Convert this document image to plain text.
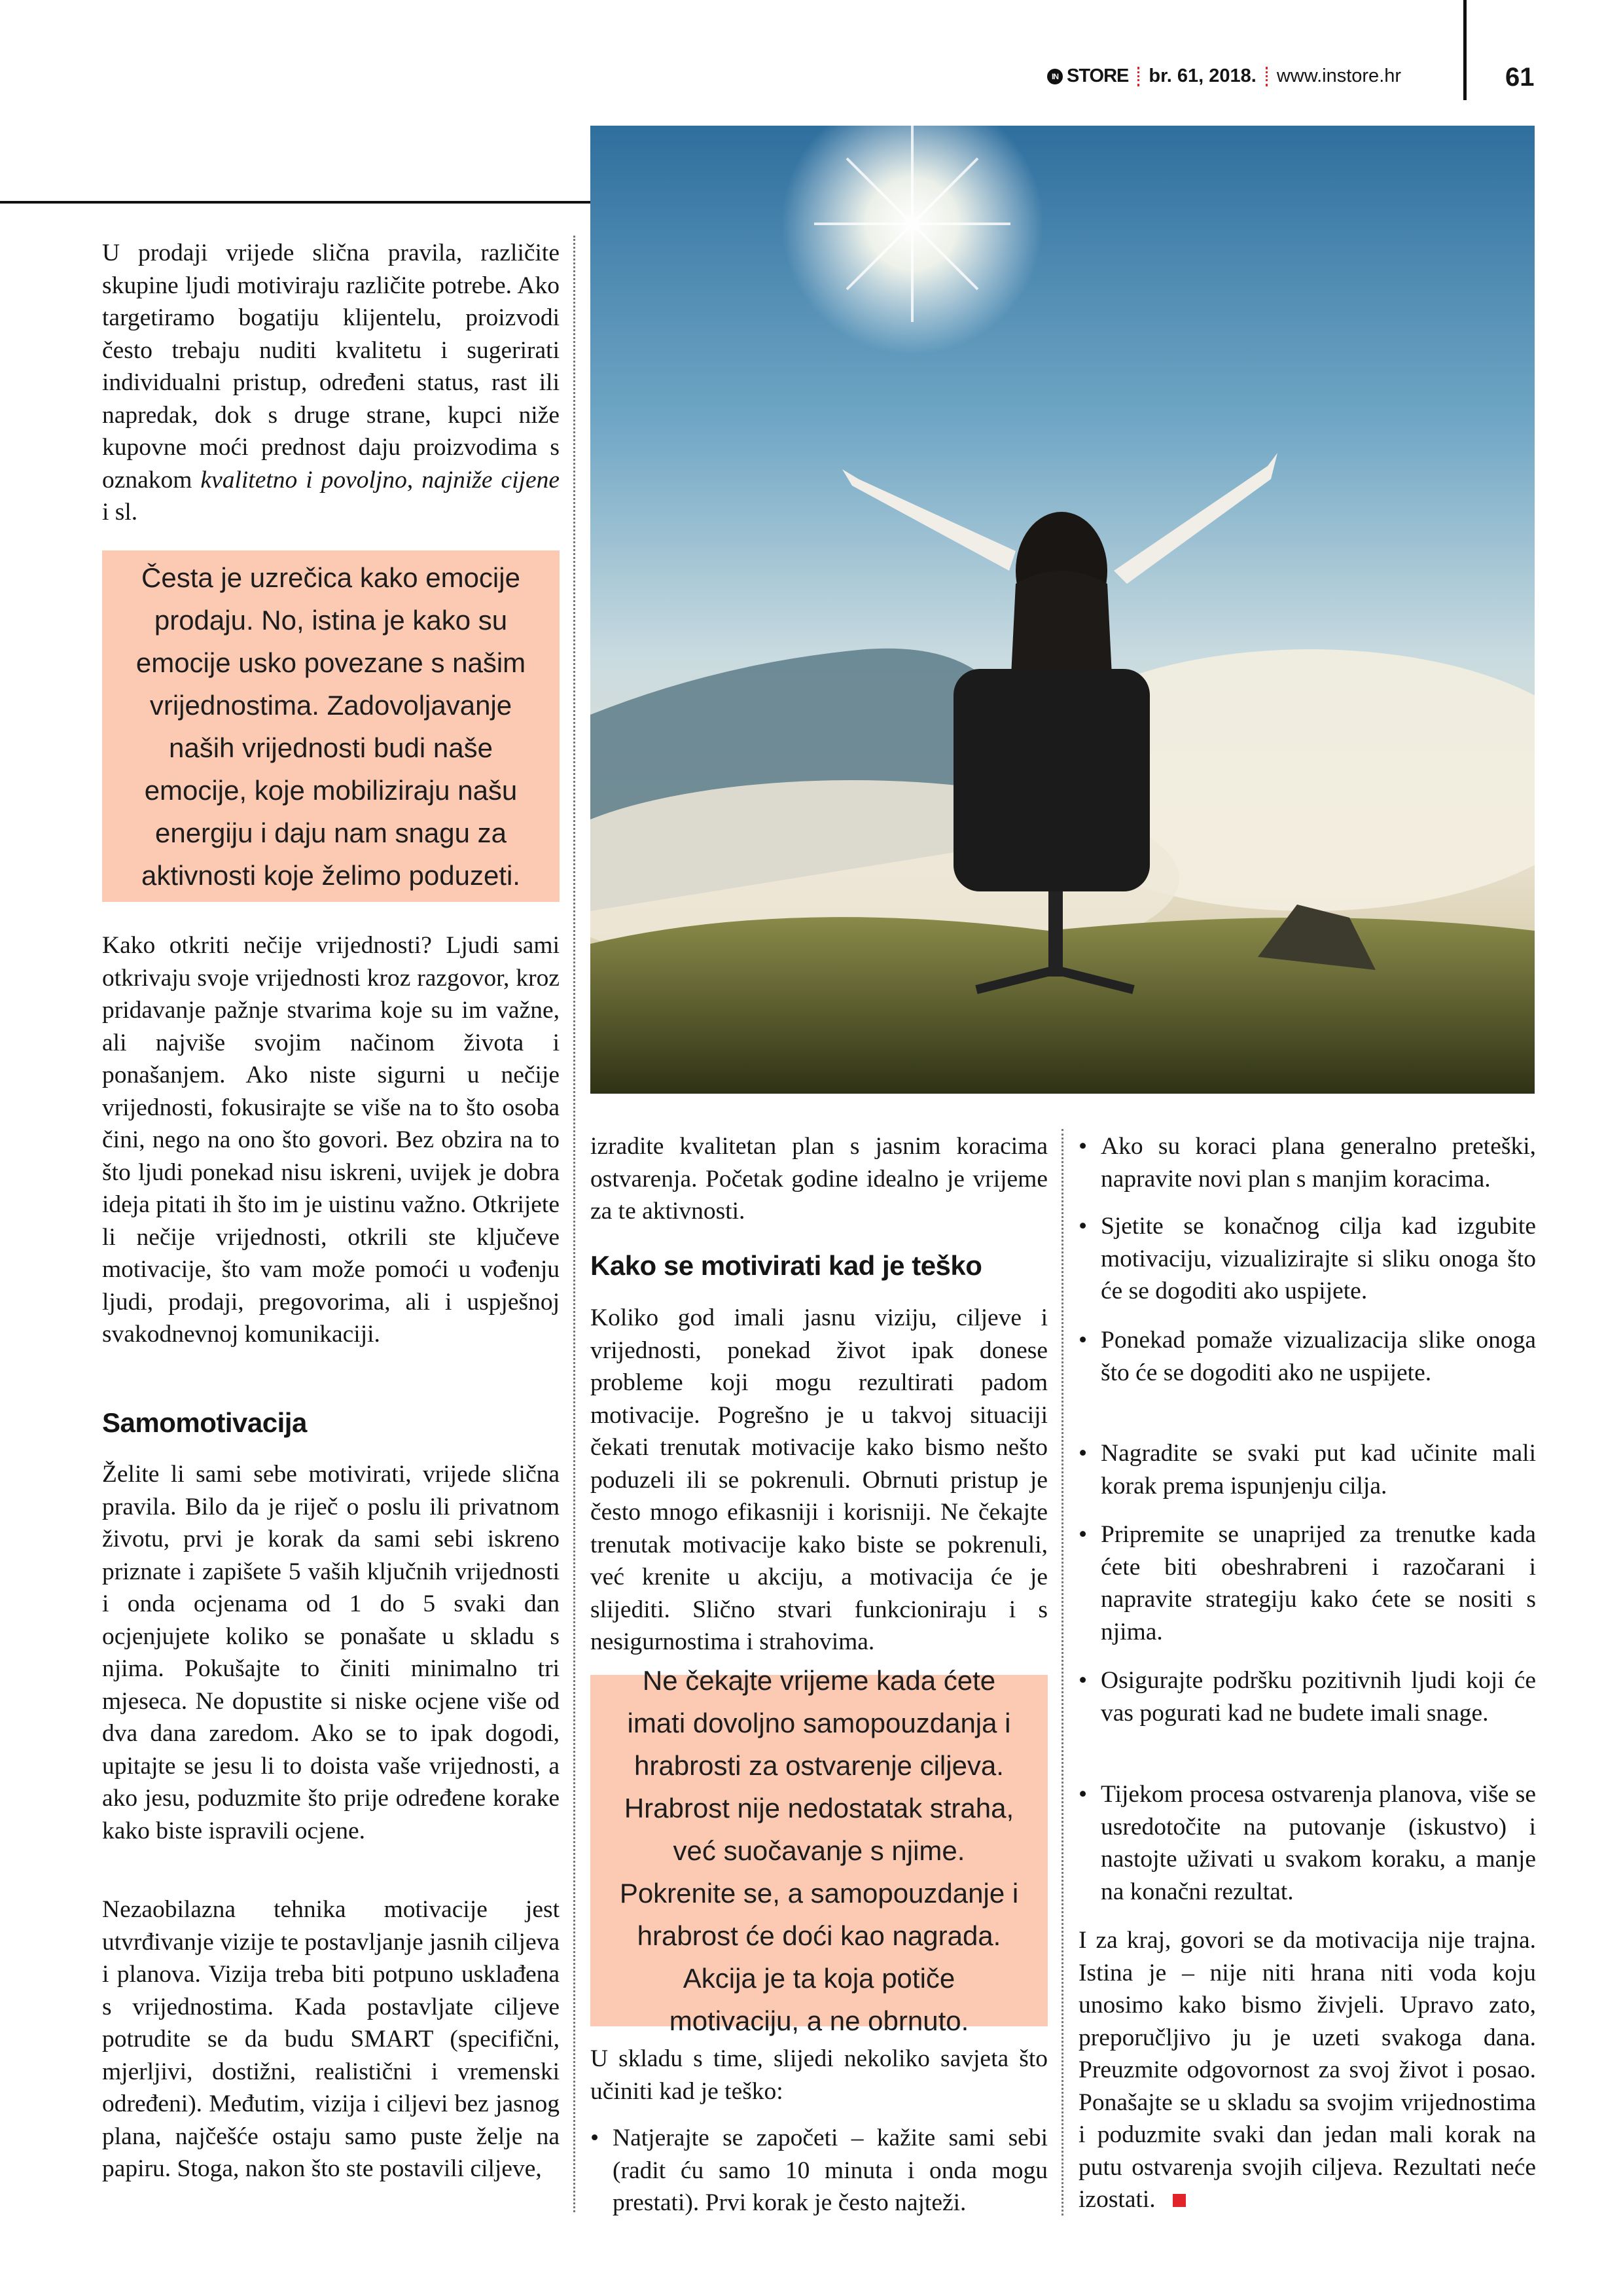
IN STORE br. 61, 2018. www.instore.hr	61

U prodaji vrijede slična pravila, različite skupine ljudi motiviraju različite potrebe. Ako targetiramo bogatiju klijentelu, proizvodi često trebaju nuditi kvalitetu i sugerirati individualni pristup, određeni status, rast ili napredak, dok s druge strane, kupci niže kupovne moći prednost daju proizvodima s oznakom kvalitetno i povoljno, najniže cijene i sl.

Česta je uzrečica kako emocije prodaju. No, istina je kako su emocije usko povezane s našim vrijednostima. Zadovoljavanje naših vrijednosti budi naše emocije, koje mobiliziraju našu energiju i daju nam snagu za aktivnosti koje želimo poduzeti.
Kako otkriti nečije vrijednosti? Ljudi sami otkrivaju svoje vrijednosti kroz razgovor, kroz pridavanje pažnje stvarima koje su im važne, ali najviše svojim načinom života i ponašanjem. Ako niste sigurni u nečije vrijednosti, fokusirajte se više na to što osoba čini, nego na ono što govori. Bez obzira na to što ljudi ponekad nisu iskreni, uvijek je dobra ideja pitati ih što im je uistinu važno. Otkrijete li nečije vrijednosti, otkrili ste ključeve motivacije, što vam može pomoći u vođenju ljudi, prodaji, pregovorima, ali i uspješnoj svakodnevnoj komunikaciji.
Samomotivacija
Želite li sami sebe motivirati, vrijede slična pravila. Bilo da je riječ o poslu ili privatnom životu, prvi je korak da sami sebi iskreno priznate i zapišete 5 vaših ključnih vrijednosti i onda ocjenama od 1 do 5 svaki dan ocjenjujete koliko se ponašate u skladu s njima. Pokušajte to činiti minimalno tri mjeseca. Ne dopustite si niske ocjene više od dva dana zaredom. Ako se to ipak dogodi, upitajte se jesu li to doista vaše vrijednosti, a ako jesu, poduzmite što prije određene korake kako biste ispravili ocjene.
Nezaobilazna tehnika motivacije jest utvrđivanje vizije te postavljanje jasnih ciljeva i planova. Vizija treba biti potpuno usklađena s vrijednostima. Kada postavljate ciljeve potrudite se da budu SMART (specifični, mjerljivi, dostižni, realistični i vremenski određeni). Međutim, vizija i ciljevi bez jasnog plana, najčešće ostaju samo puste želje na papiru. Stoga, nakon što ste postavili ciljeve,
izradite kvalitetan plan s jasnim koracima ostvarenja. Početak godine idealno je vrijeme za te aktivnosti.
Kako se motivirati kad je teško
Koliko god imali jasnu viziju, ciljeve i vrijednosti, ponekad život ipak donese probleme koji mogu rezultirati padom motivacije. Pogrešno je u takvoj situaciji čekati trenutak motivacije kako bismo nešto poduzeli ili se pokrenuli. Obrnuti pristup je često mnogo efikasniji i korisniji. Ne čekajte trenutak motivacije kako biste se pokrenuli, već krenite u akciju, a motivacija će je slijediti. Slično stvari funkcioniraju i s nesigurnostima i strahovima.
Ne čekajte vrijeme kada ćete imati dovoljno samopouzdanja i hrabrosti za ostvarenje ciljeva. Hrabrost nije nedostatak straha, već suočavanje s njime. Pokrenite se, a samopouzdanje i hrabrost će doći kao nagrada. Akcija je ta koja potiče motivaciju, a ne obrnuto.
U skladu s time, slijedi nekoliko savjeta što učiniti kad je teško:
• Natjerajte se započeti – kažite sami sebi (radit ću samo 10 minuta i onda mogu prestati). Prvi korak je često najteži.
• Ako su koraci plana generalno preteški, napravite novi plan s manjim koracima.
• Sjetite se konačnog cilja kad izgubite motivaciju, vizualizirajte si sliku onoga što će se dogoditi ako uspijete.
• Ponekad pomaže vizualizacija slike onoga što će se dogoditi ako ne uspijete.
• Nagradite se svaki put kad učinite mali korak prema ispunjenju cilja.
• Pripremite se unaprijed za trenutke kada ćete biti obeshrabreni i razočarani i napravite strategiju kako ćete se nositi s njima.
• Osigurajte podršku pozitivnih ljudi koji će vas pogurati kad ne budete imali snage.
• Tijekom procesa ostvarenja planova, više se usredotočite na putovanje (iskustvo) i nastojte uživati u svakom koraku, a manje na konačni rezultat.
I za kraj, govori se da motivacija nije trajna. Istina je – nije niti hrana niti voda koju unosimo kako bismo živjeli. Upravo zato, preporučljivo ju je uzeti svakoga dana. Preuzmite odgovornost za svoj život i posao. Ponašajte se u skladu sa svojim vrijednostima i poduzmite svaki dan jedan mali korak na putu ostvarenja svojih ciljeva. Rezultati neće izostati.
